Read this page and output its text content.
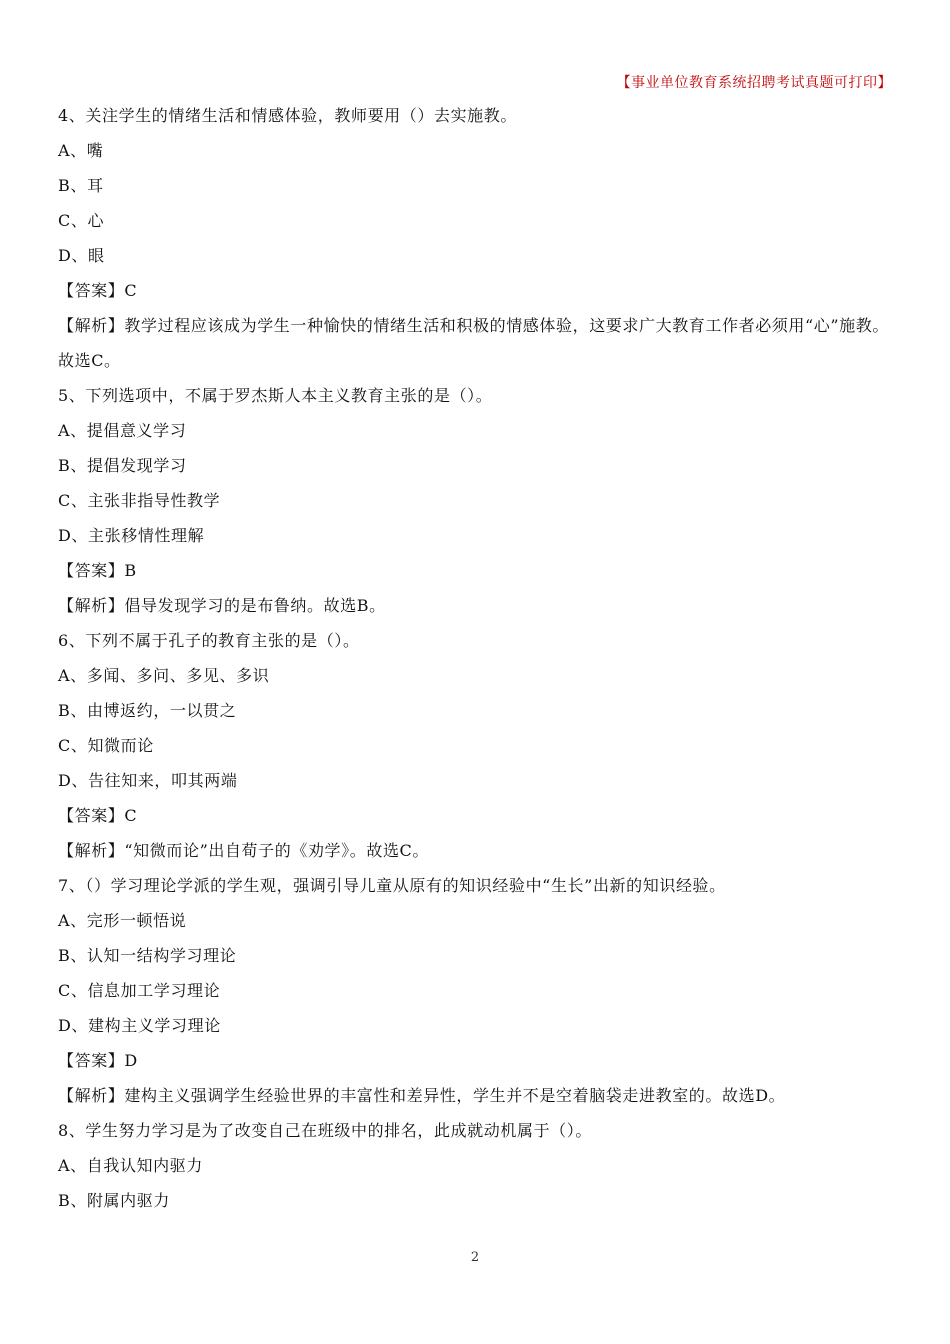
【事业单位教育系统招聘考试真题可打印】
4、关注学生的情绪生活和情感体验，教师要用（）去实施教。
A、嘴
B、耳
C、心
D、眼
【答案】C
【解析】教学过程应该成为学生一种愉快的情绪生活和积极的情感体验，这要求广大教育工作者必须用“心”施教。故选C。
5、下列选项中，不属于罗杰斯人本主义教育主张的是（）。
A、提倡意义学习
B、提倡发现学习
C、主张非指导性教学
D、主张移情性理解
【答案】B
【解析】倡导发现学习的是布鲁纳。故选B。
6、下列不属于孔子的教育主张的是（）。
A、多闻、多问、多见、多识
B、由博返约，一以贯之
C、知微而论
D、告往知来，叩其两端
【答案】C
【解析】“知微而论”出自荀子的《劝学》。故选C。
7、（）学习理论学派的学生观，强调引导儿童从原有的知识经验中“生长”出新的知识经验。
A、完形一顿悟说
B、认知一结构学习理论
C、信息加工学习理论
D、建构主义学习理论
【答案】D
【解析】建构主义强调学生经验世界的丰富性和差异性，学生并不是空着脑袋走进教室的。故选D。
8、学生努力学习是为了改变自己在班级中的排名，此成就动机属于（）。
A、自我认知内驱力
B、附属内驱力
2
